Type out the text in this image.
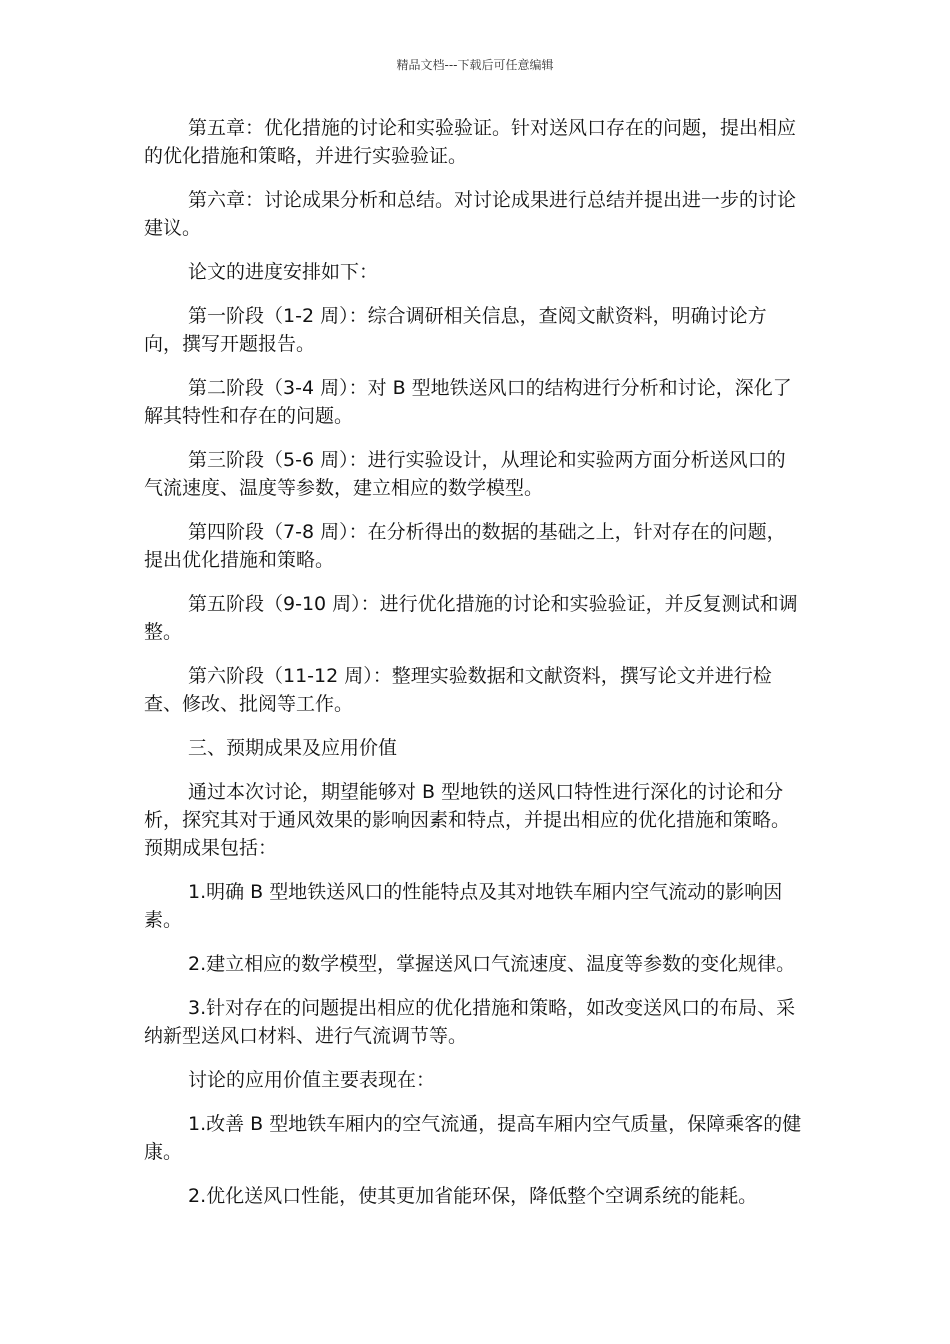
精品文档---下载后可任意编辑

第五章：优化措施的讨论和实验验证。针对送风口存在的问题，提出相应的优化措施和策略，并进行实验验证。

第六章：讨论成果分析和总结。对讨论成果进行总结并提出进一步的讨论建议。

论文的进度安排如下：

第一阶段（1-2 周）：综合调研相关信息，查阅文献资料，明确讨论方向，撰写开题报告。

第二阶段（3-4 周）：对 B 型地铁送风口的结构进行分析和讨论，深化了解其特性和存在的问题。

第三阶段（5-6 周）：进行实验设计，从理论和实验两方面分析送风口的气流速度、温度等参数，建立相应的数学模型。

第四阶段（7-8 周）：在分析得出的数据的基础之上，针对存在的问题，提出优化措施和策略。

第五阶段（9-10 周）：进行优化措施的讨论和实验验证，并反复测试和调整。

第六阶段（11-12 周）：整理实验数据和文献资料，撰写论文并进行检查、修改、批阅等工作。

三、预期成果及应用价值

通过本次讨论，期望能够对 B 型地铁的送风口特性进行深化的讨论和分析，探究其对于通风效果的影响因素和特点，并提出相应的优化措施和策略。预期成果包括：

1.明确 B 型地铁送风口的性能特点及其对地铁车厢内空气流动的影响因素。

2.建立相应的数学模型，掌握送风口气流速度、温度等参数的变化规律。

3.针对存在的问题提出相应的优化措施和策略，如改变送风口的布局、采纳新型送风口材料、进行气流调节等。

讨论的应用价值主要表现在：

1.改善 B 型地铁车厢内的空气流通，提高车厢内空气质量，保障乘客的健康。

2.优化送风口性能，使其更加省能环保，降低整个空调系统的能耗。
